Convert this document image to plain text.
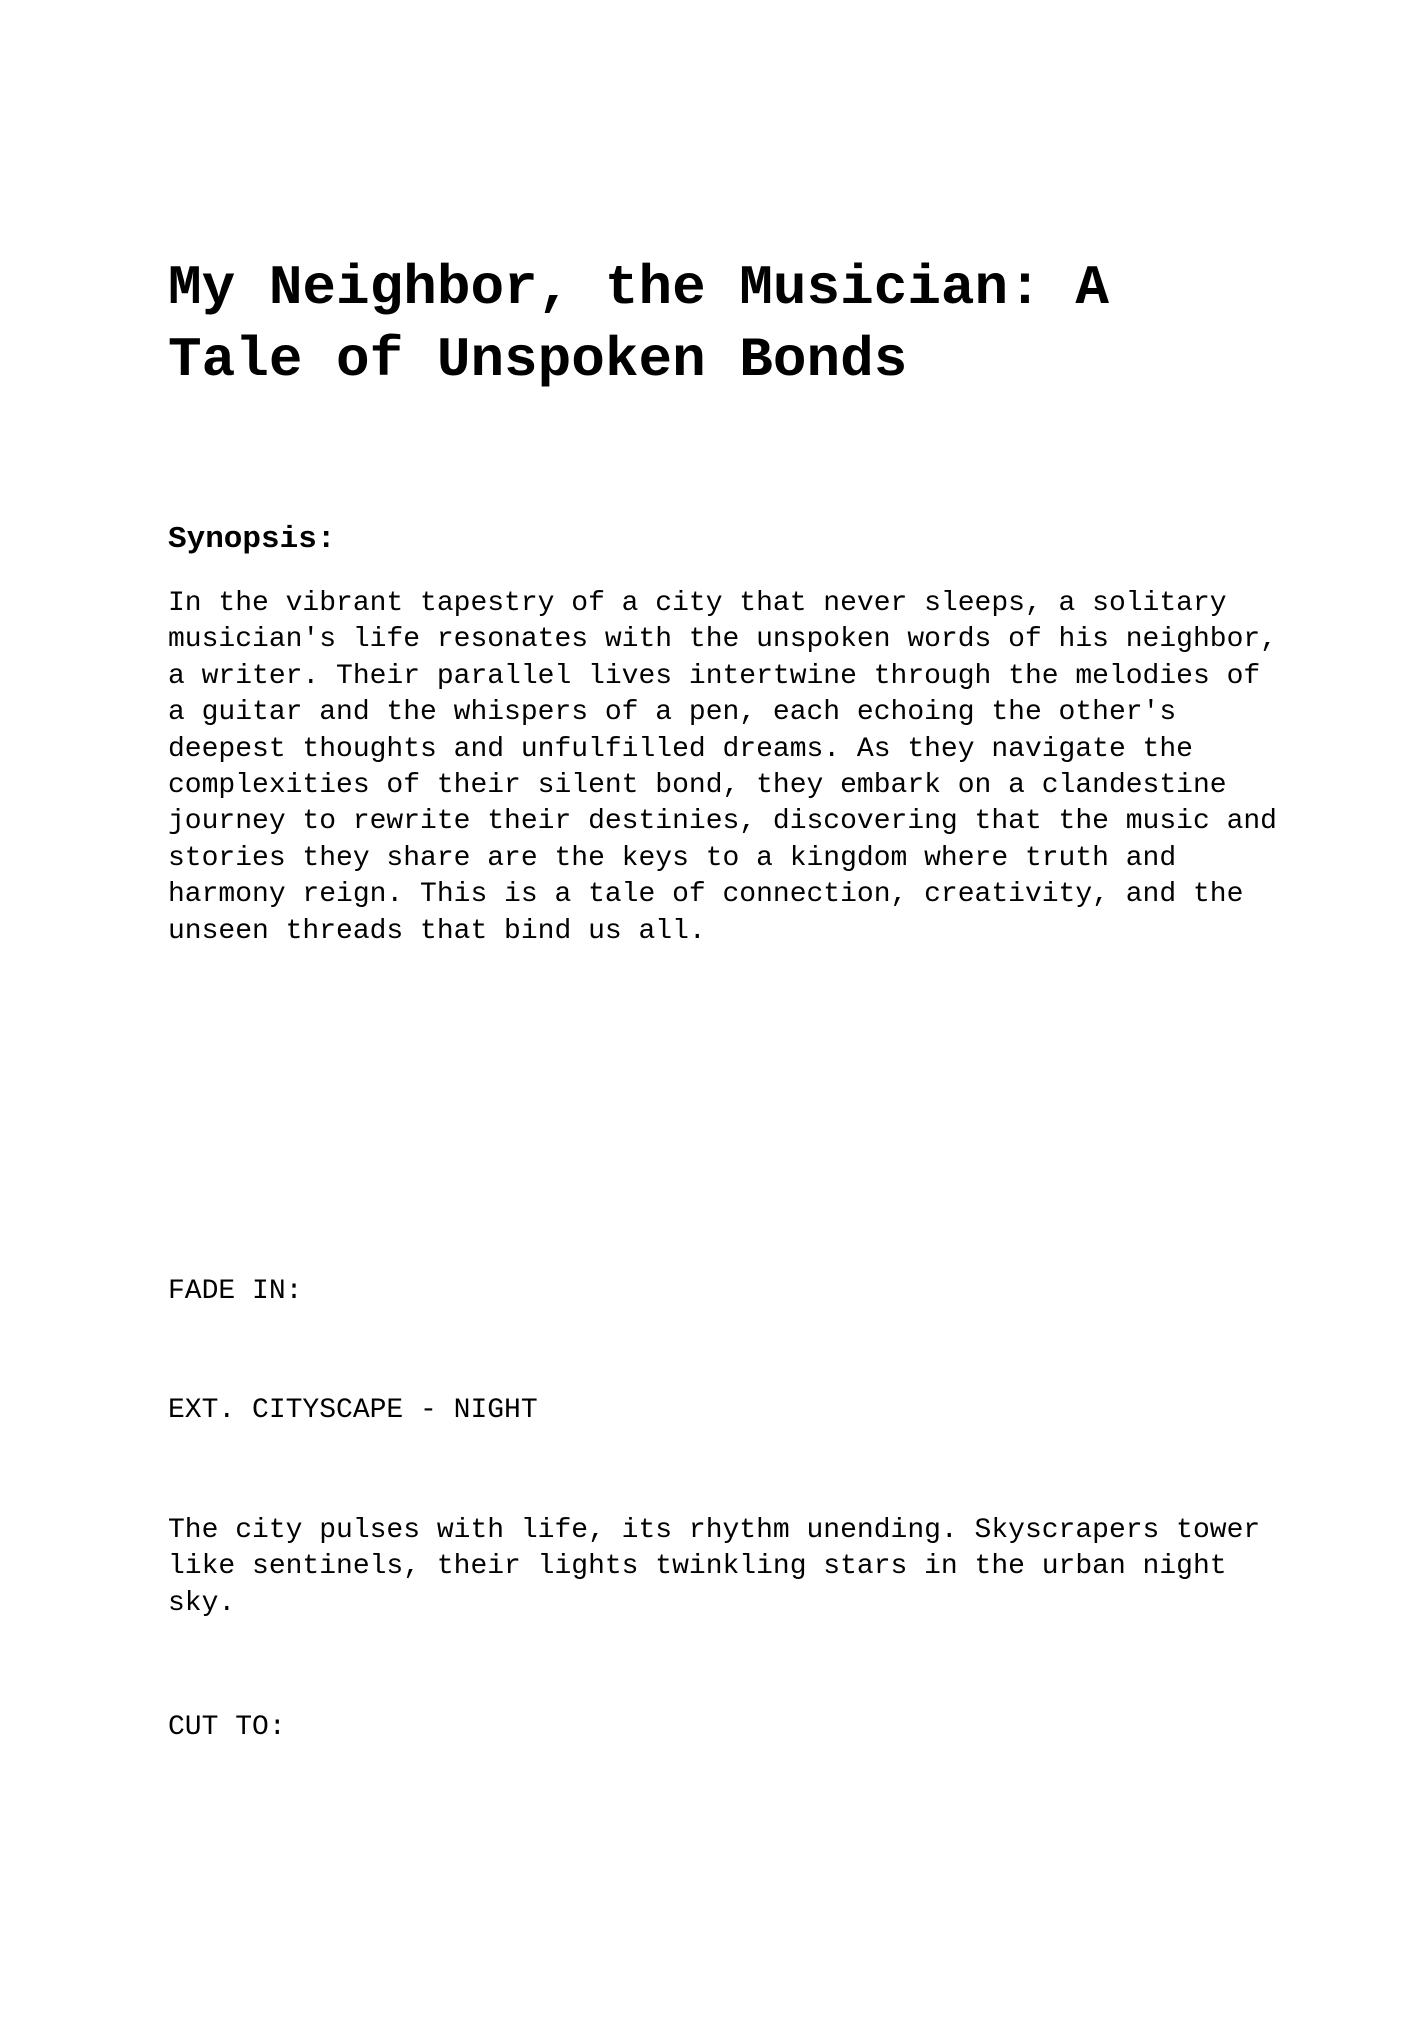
My Neighbor, the Musician: A Tale of Unspoken Bonds
Synopsis:

In the vibrant tapestry of a city that never sleeps, a solitary musician's life resonates with the unspoken words of his neighbor, a writer. Their parallel lives intertwine through the melodies of a guitar and the whispers of a pen, each echoing the other's deepest thoughts and unfulfilled dreams. As they navigate the complexities of their silent bond, they embark on a clandestine journey to rewrite their destinies, discovering that the music and stories they share are the keys to a kingdom where truth and harmony reign. This is a tale of connection, creativity, and the unseen threads that bind us all.

FADE IN:

EXT. CITYSCAPE - NIGHT

The city pulses with life, its rhythm unending. Skyscrapers tower like sentinels, their lights twinkling stars in the urban night sky.

CUT TO:
